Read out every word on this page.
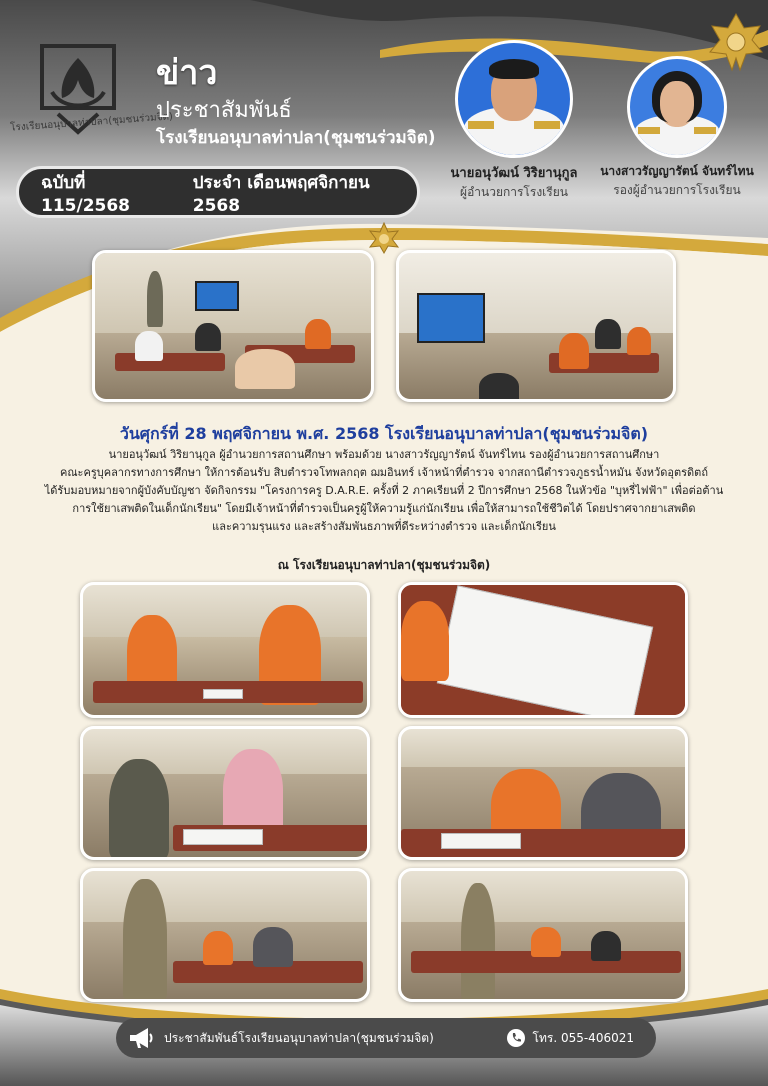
โรงเรียนอนุบาลท่าปลา(ชุมชนร่วมจิต)
ข่าว
ประชาสัมพันธ์
โรงเรียนอนุบาลท่าปลา(ชุมชนร่วมจิต)
ฉบับที่ 115/2568
ประจำ เดือนพฤศจิกายน 2568
นายอนุวัฒน์ วิริยานุกูล
ผู้อำนวยการโรงเรียน
นางสาวรัญญารัตน์ จันทร์ไทน
รองผู้อำนวยการโรงเรียน
วันศุกร์ที่ 28 พฤศจิกายน พ.ศ. 2568 โรงเรียนอนุบาลท่าปลา(ชุมชนร่วมจิต)
นายอนุวัฒน์ วิริยานุกูล ผู้อำนวยการสถานศึกษา พร้อมด้วย นางสาวรัญญารัตน์ จันทร์ไทน รองผู้อำนวยการสถานศึกษา
คณะครูบุคลากรทางการศึกษา ให้การต้อนรับ สิบตำรวจโทพลกฤต ฌมอินทร์ เจ้าหน้าที่ตำรวจ จากสถานีตำรวจภูธรน้ำหมัน จังหวัดอุตรดิตถ์
ได้รับมอบหมายจากผู้บังคับบัญชา จัดกิจกรรม "โครงการครู D.A.R.E. ครั้งที่ 2 ภาคเรียนที่ 2 ปีการศึกษา 2568 ในหัวข้อ "บุหรี่ไฟฟ้า" เพื่อต่อต้าน
การใช้ยาเสพติดในเด็กนักเรียน" โดยมีเจ้าหน้าที่ตำรวจเป็นครูผู้ให้ความรู้แก่นักเรียน เพื่อให้สามารถใช้ชีวิตได้ โดยปราศจากยาเสพติด
และความรุนแรง และสร้างสัมพันธภาพที่ดีระหว่างตำรวจ และเด็กนักเรียน
ณ โรงเรียนอนุบาลท่าปลา(ชุมชนร่วมจิต)
ประชาสัมพันธ์โรงเรียนอนุบาลท่าปลา(ชุมชนร่วมจิต)	โทร. 055-406021
